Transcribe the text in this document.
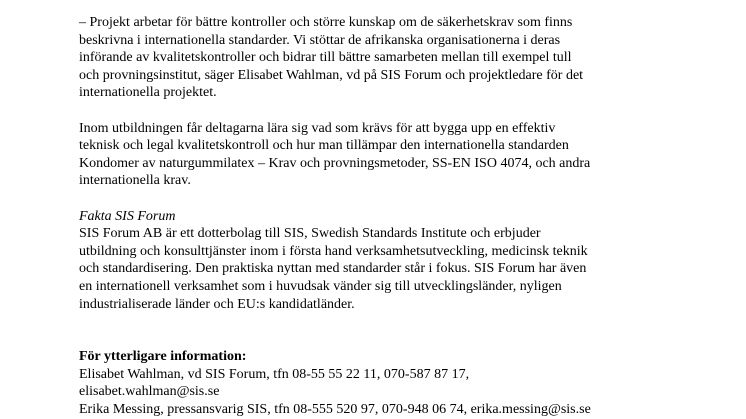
– Projekt arbetar för bättre kontroller och större kunskap om de säkerhetskrav som finns
beskrivna i internationella standarder. Vi stöttar de afrikanska organisationerna i deras
införande av kvalitetskontroller och bidrar till bättre samarbeten mellan till exempel tull
och provningsinstitut, säger Elisabet Wahlman, vd på SIS Forum och projektledare för det
internationella projektet.

Inom utbildningen får deltagarna lära sig vad som krävs för att bygga upp en effektiv
teknisk och legal kvalitetskontroll och hur man tillämpar den internationella standarden
Kondomer av naturgummilatex – Krav och provningsmetoder, SS-EN ISO 4074, och andra
internationella krav.

Fakta SIS Forum
SIS Forum AB är ett dotterbolag till SIS, Swedish Standards Institute och erbjuder
utbildning och konsulttjänster inom i första hand verksamhetsutveckling, medicinsk teknik
och standardisering. Den praktiska nyttan med standarder står i fokus. SIS Forum har även
en internationell verksamhet som i huvudsak vänder sig till utvecklingsländer, nyligen
industrialiserade länder och EU:s kandidatländer.

För ytterligare information:
Elisabet Wahlman, vd SIS Forum, tfn 08-55 55 22 11, 070-587 87 17,
elisabet.wahlman@sis.se
Erika Messing, pressansvarig SIS, tfn 08-555 520 97, 070-948 06 74, erika.messing@sis.se
